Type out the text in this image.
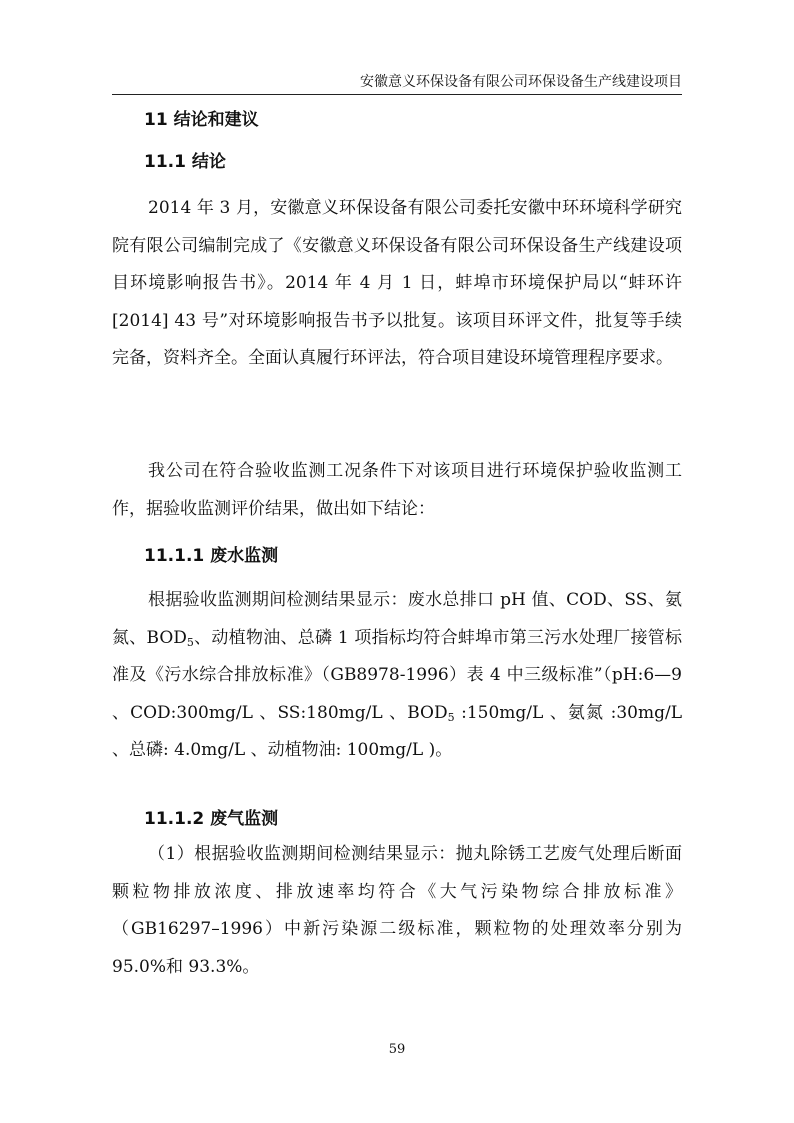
安徽意义环保设备有限公司环保设备生产线建设项目
11 结论和建议
11.1 结论

2014 年 3 月，安徽意义环保设备有限公司委托安徽中环环境科学研究院有限公司编制完成了《安徽意义环保设备有限公司环保设备生产线建设项目环境影响报告书》。2014 年 4 月 1 日，蚌埠市环境保护局以“蚌环许[2014] 43 号”对环境影响报告书予以批复。该项目环评文件，批复等手续完备，资料齐全。全面认真履行环评法，符合项目建设环境管理程序要求。

我公司在符合验收监测工况条件下对该项目进行环境保护验收监测工作，据验收监测评价结果，做出如下结论：

11.1.1 废水监测

根据验收监测期间检测结果显示：废水总排口 pH 值、COD、SS、氨氮、$BOD_5$、动植物油、总磷 1 项指标均符合蚌埠市第三污水处理厂接管标准及《污水综合排放标准》（GB8978-1996）表 4 中三级标准”（pH:6—9 、COD:300mg/L 、SS:180mg/L 、$BOD_5$ :150mg/L 、氨氮 :30mg/L 、总磷: 4.0mg/L 、动植物油: 100mg/L )。

11.1.2 废气监测

（1）根据验收监测期间检测结果显示：抛丸除锈工艺废气处理后断面颗粒物排放浓度、排放速率均符合《大气污染物综合排放标准》（GB16297–1996）中新污染源二级标准，颗粒物的处理效率分别为 95.0%和 93.3%。

59
